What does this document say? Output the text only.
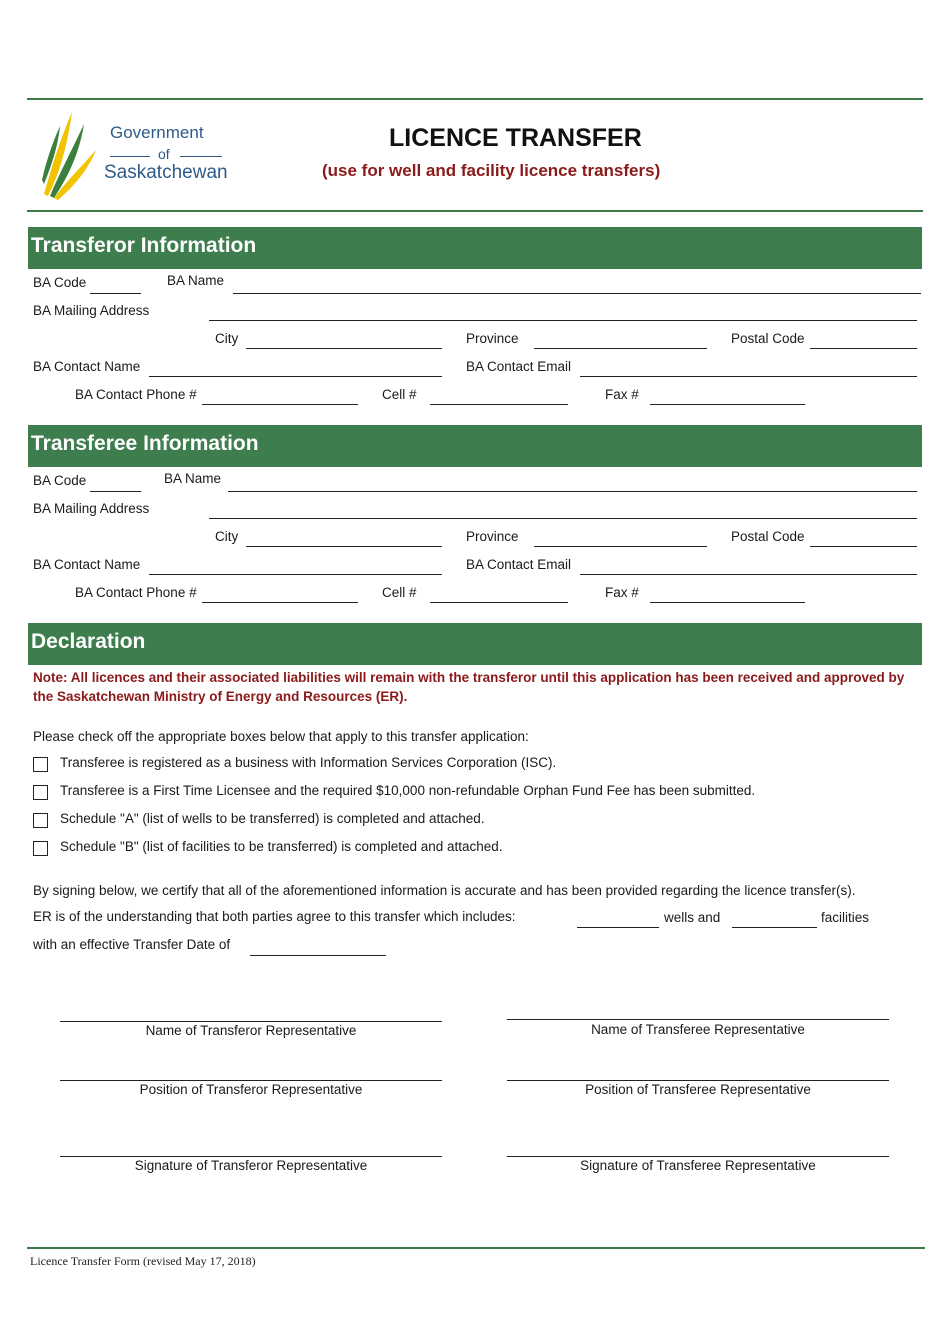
Government
of
Saskatchewan
LICENCE TRANSFER
(use for well and facility licence transfers)
Transferor Information
BA Code	BA Name
BA Mailing Address
City	Province	Postal Code
BA Contact Name	BA Contact Email
BA Contact Phone #	Cell #	Fax #
Transferee Information
BA Code	BA Name
BA Mailing Address
City	Province	Postal Code
BA Contact Name	BA Contact Email
BA Contact Phone #	Cell #	Fax #
Declaration
Note: All licences and their associated liabilities will remain with the transferor until this application has been received and approved by the Saskatchewan Ministry of Energy and Resources (ER).
Please check off the appropriate boxes below that apply to this transfer application:
Transferee is registered as a business with Information Services Corporation (ISC).
Transferee is a First Time Licensee and the required $10,000 non-refundable Orphan Fund Fee has been submitted.
Schedule "A" (list of wells to be transferred) is completed and attached.
Schedule "B" (list of facilities to be transferred) is completed and attached.
By signing below, we certify that all of the aforementioned information is accurate and has been provided regarding the licence transfer(s).
ER is of the understanding that both parties agree to this transfer which includes:	wells and	facilities
with an effective Transfer Date of
Name of Transferor Representative	Name of Transferee Representative
Position of Transferor Representative	Position of Transferee Representative
Signature of Transferor Representative	Signature of Transferee Representative
Licence Transfer Form (revised May 17, 2018)
